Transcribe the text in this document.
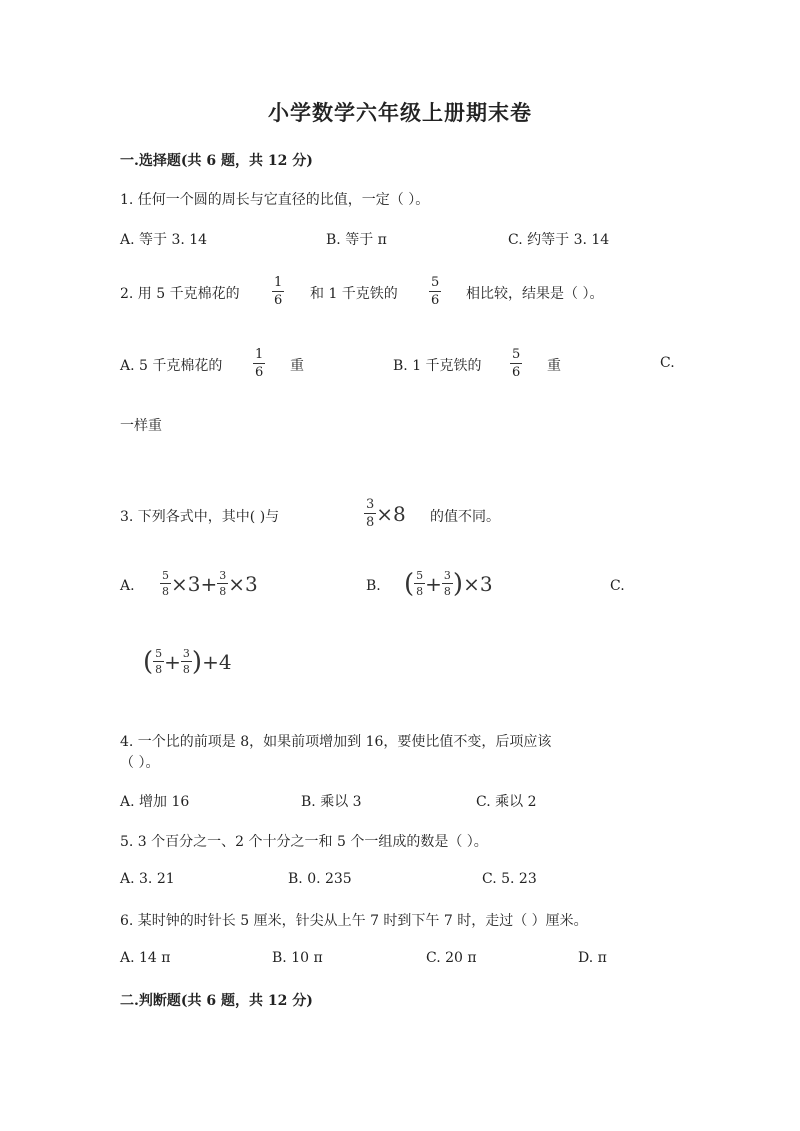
小学数学六年级上册期末卷
一.选择题(共 6 题，共 12 分)
1. 任何一个圆的周长与它直径的比值，一定（ ）。
A. 等于 3. 14	B. 等于 π	C. 约等于 3. 14
2. 用 5 千克棉花的 $\frac{1}{6}$ 和 1 千克铁的 $\frac{5}{6}$ 相比较，结果是（ ）。
A. 5 千克棉花的 $\frac{1}{6}$ 重	B. 1 千克铁的 $\frac{5}{6}$ 重	C.
一样重
3. 下列各式中，其中( )与	$\frac{3}{8} \times 8$ 的值不同。
A. $\frac{5}{8} \times 3+ \frac{3}{8} \times 3$	B. ( $\frac{5}{8} + \frac{3}{8}$ ) ×3	C.
( $\frac{5}{8} + \frac{3}{8}$ ) +4
4. 一个比的前项是 8，如果前项增加到 16，要使比值不变，后项应该
（ ）。
A. 增加 16	B. 乘以 3	C. 乘以 2
5. 3 个百分之一、2 个十分之一和 5 个一组成的数是（ ）。
A. 3. 21	B. 0. 235	C. 5. 23
6. 某时钟的时针长 5 厘米，针尖从上午 7 时到下午 7 时，走过（ ）厘米。
A. 14 π	B. 10 π	C. 20 π	D. π
二.判断题(共 6 题，共 12 分)
